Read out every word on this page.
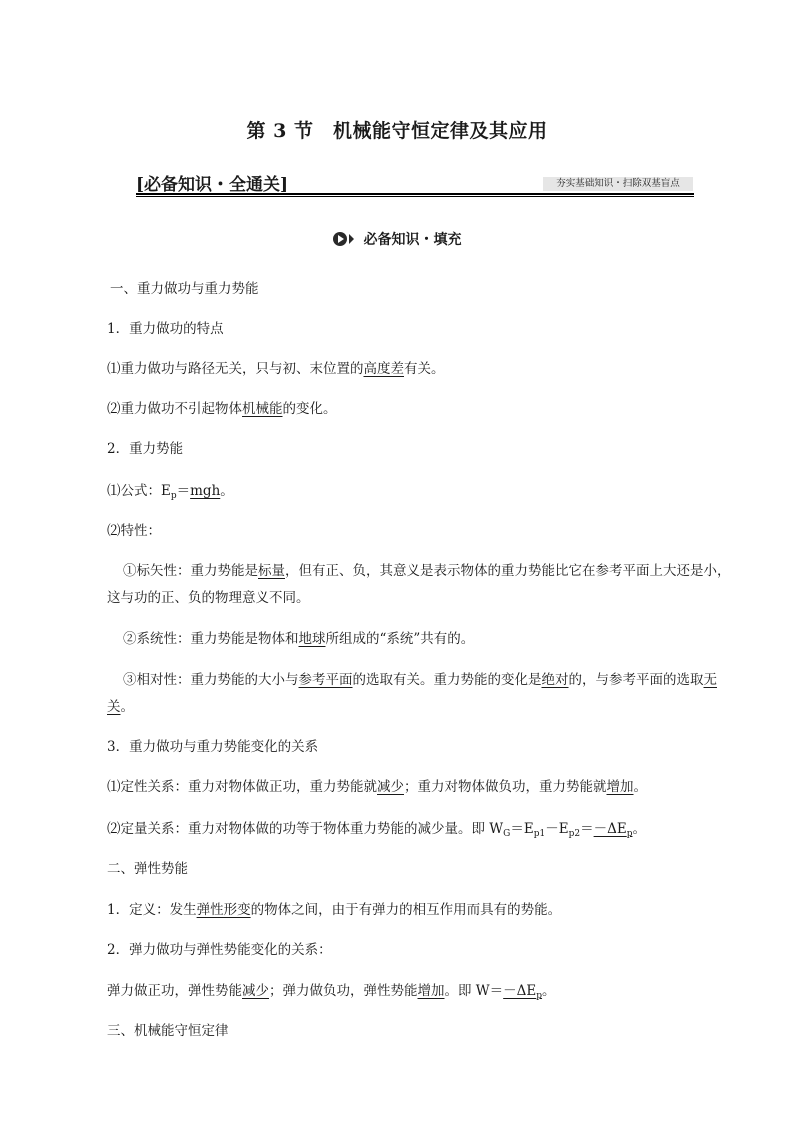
第 3 节　机械能守恒定律及其应用
[必备知识・全通关]	夯实基础知识・扫除双基盲点
必备知识・填充
一、重力做功与重力势能
1．重力做功的特点
⑴重力做功与路径无关，只与初、末位置的高度差有关。
⑵重力做功不引起物体机械能的变化。
2．重力势能
⑴公式：$E_p=mgh$。
⑵特性：
①标矢性：重力势能是标量，但有正、负，其意义是表示物体的重力势能比它在参考平面上大还是小，
这与功的正、负的物理意义不同。
②系统性：重力势能是物体和地球所组成的“系统”共有的。
③相对性：重力势能的大小与参考平面的选取有关。重力势能的变化是绝对的，与参考平面的选取无
关。
3．重力做功与重力势能变化的关系
⑴定性关系：重力对物体做正功，重力势能就减少；重力对物体做负功，重力势能就增加。
⑵定量关系：重力对物体做的功等于物体重力势能的减少量。即 $W_G=E_{p1}-E_{p2}=-\Delta E_p$。
二、弹性势能
1．定义：发生弹性形变的物体之间，由于有弹力的相互作用而具有的势能。
2．弹力做功与弹性势能变化的关系：
弹力做正功，弹性势能减少；弹力做负功，弹性势能增加。即 $W=-\Delta E_p$。
三、机械能守恒定律
